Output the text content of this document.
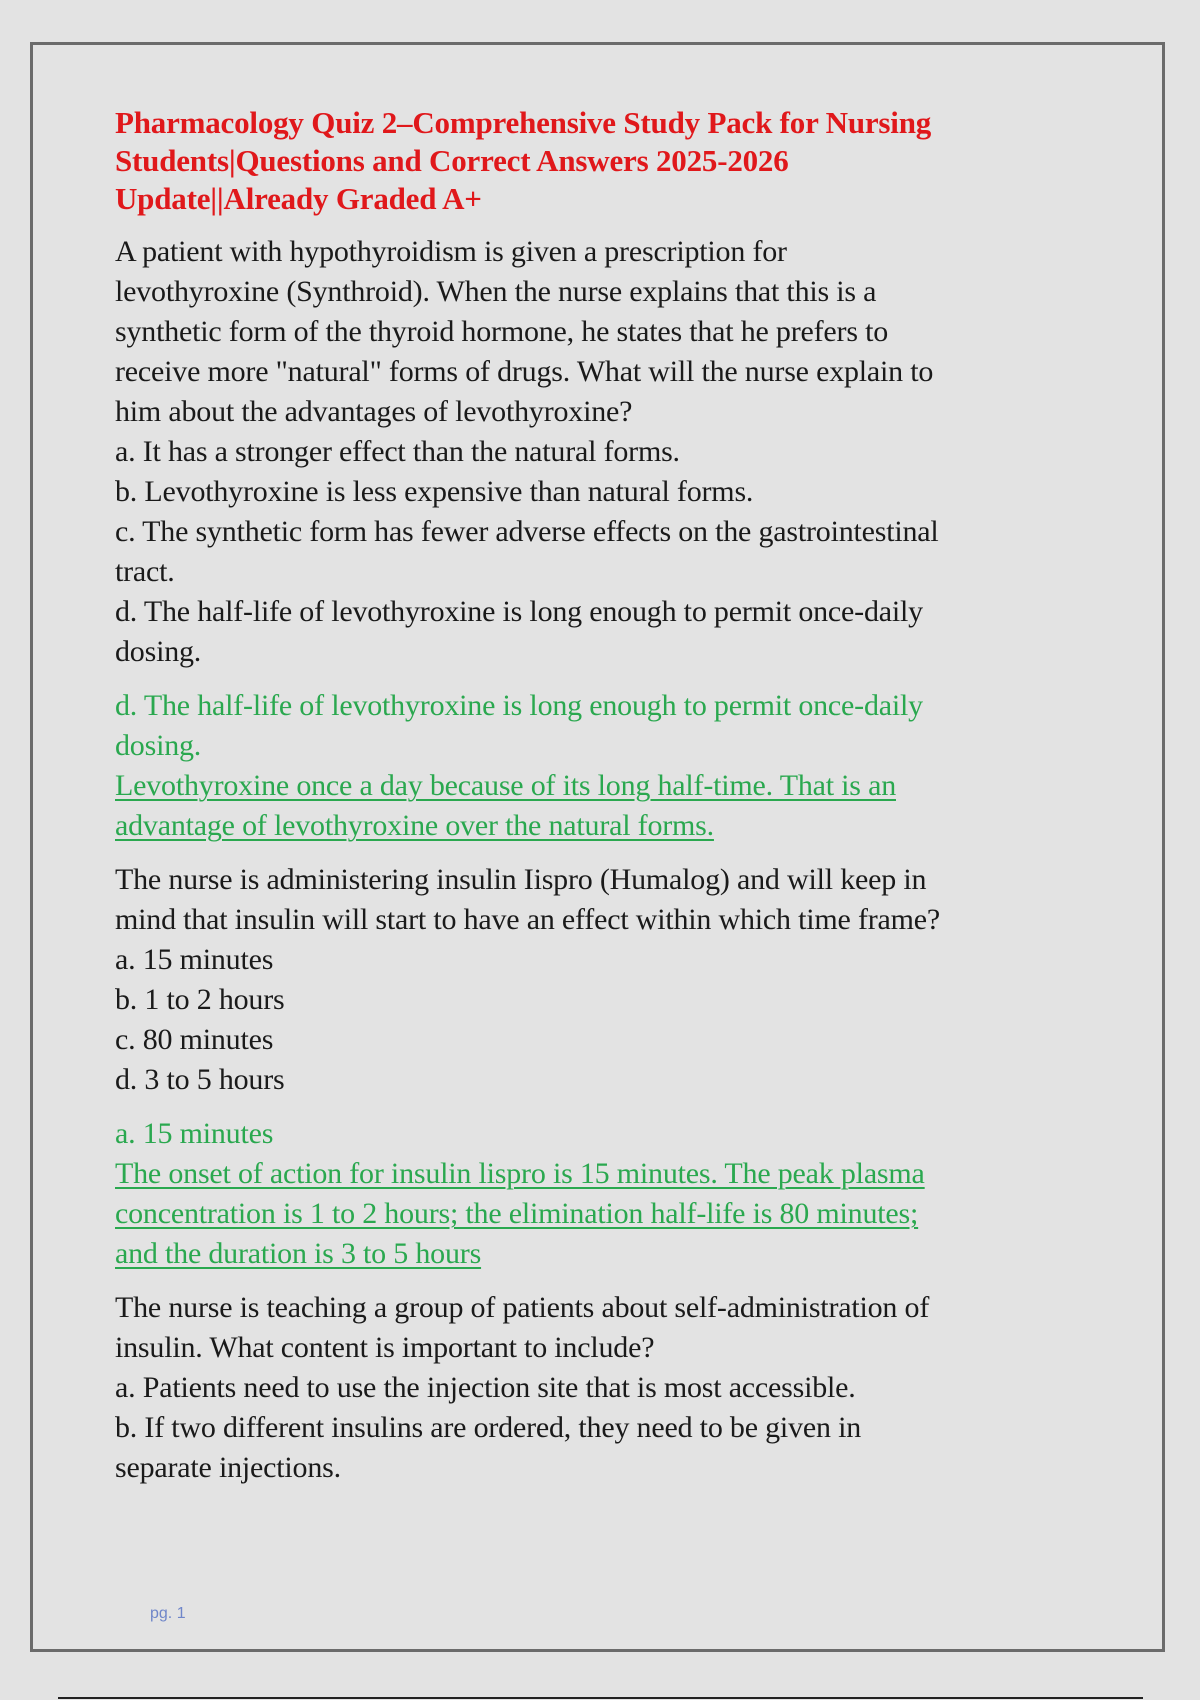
Pharmacology Quiz 2–Comprehensive Study Pack for Nursing
Students|Questions and Correct Answers 2025-2026
Update||Already Graded A+
A patient with hypothyroidism is given a prescription for
levothyroxine (Synthroid). When the nurse explains that this is a
synthetic form of the thyroid hormone, he states that he prefers to
receive more "natural" forms of drugs. What will the nurse explain to
him about the advantages of levothyroxine?
a. It has a stronger effect than the natural forms.
b. Levothyroxine is less expensive than natural forms.
c. The synthetic form has fewer adverse effects on the gastrointestinal
tract.
d. The half-life of levothyroxine is long enough to permit once-daily
dosing.
d. The half-life of levothyroxine is long enough to permit once-daily
dosing.
Levothyroxine once a day because of its long half-time. That is an
advantage of levothyroxine over the natural forms.
The nurse is administering insulin Iispro (Humalog) and will keep in
mind that insulin will start to have an effect within which time frame?
a. 15 minutes
b. 1 to 2 hours
c. 80 minutes
d. 3 to 5 hours
a. 15 minutes
The onset of action for insulin lispro is 15 minutes. The peak plasma
concentration is 1 to 2 hours; the elimination half-life is 80 minutes;
and the duration is 3 to 5 hours
The nurse is teaching a group of patients about self-administration of
insulin. What content is important to include?
a. Patients need to use the injection site that is most accessible.
b. If two different insulins are ordered, they need to be given in
separate injections.
pg. 1
